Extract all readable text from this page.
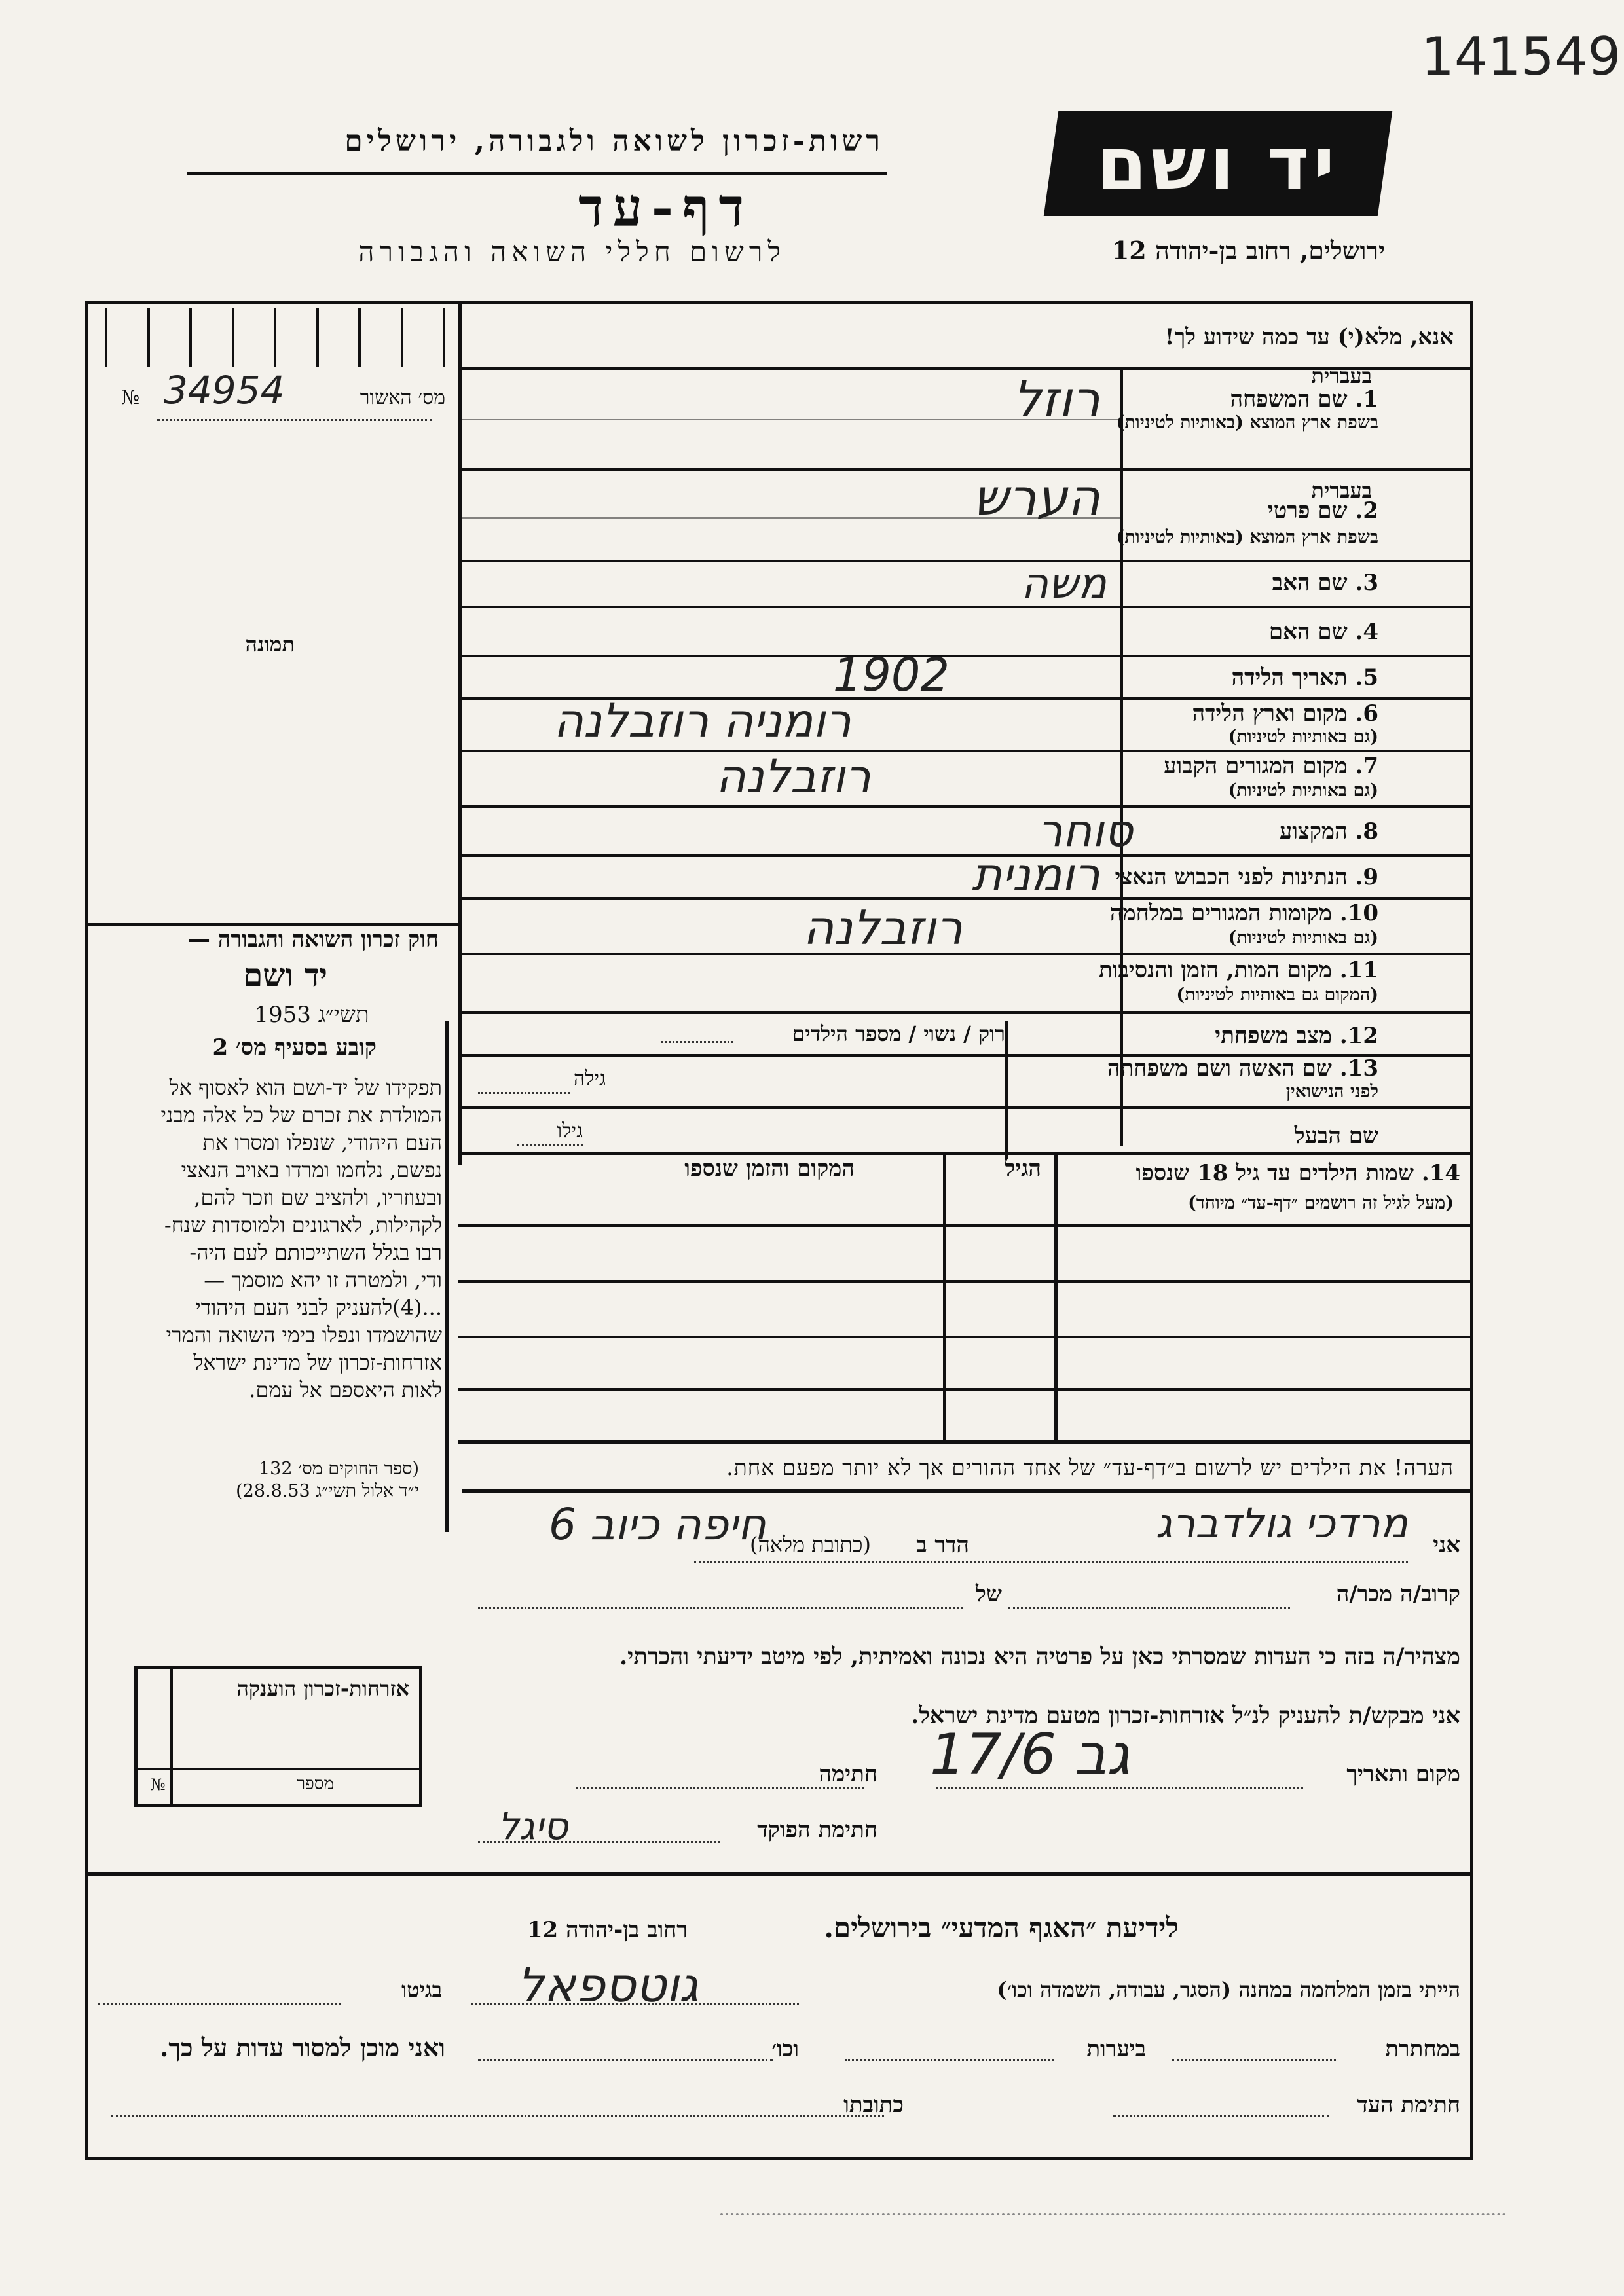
141549
רשות-זכרון לשואה ולגבורה, ירושלים
דף-עד
לרשום חללי השואה והגבורה
יד ושם
ירושלים, רחוב בן-יהודה 12
№ 34954	מס׳ האשור
תמונה
חוק זכרון השואה והגבורה —
יד ושם
תשי״ג 1953
קובע בסעיף מס׳ 2
תפקידו של יד-ושם הוא לאסוף אל
המולדת את זכרם של כל אלה מבני
העם היהודי, שנפלו ומסרו את
נפשם, נלחמו ומרדו באויב הנאצי
ובעוזריו, ולהציב שם וזכר להם,
לקהילות, לארגונים ולמוסדות שנח-
רבו בגלל השתייכותם לעם היה-
ודי, ולמטרה זו יהא מוסמך —
...(4)להעניק לבני העם היהודי
שהושמדו ונפלו בימי השואה והמרי
אזרחות-זכרון של מדינת ישראל
לאות היאספם אל עמם.
(ספר החוקים מס׳ 132
י״ד אלול תשי״ג 28.8.53)
אזרחות-זכרון הוענקה
מספר
№
אנא, מלא(י) עד כמה שידוע לך!
1. שם המשפחה
בשפת ארץ המוצא (באותיות לטיניות)
בעברית
2. שם פרטי
בשפת ארץ המוצא (באותיות לטיניות)
בעברית
3. שם האב
4. שם האם
5. תאריך הלידה
6. מקום וארץ הלידה
(גם באותיות לטיניות)
7. מקום המגורים הקבוע
(גם באותיות לטיניות)
8. המקצוע
9. הנתינות לפני הכבוש הנאצי
10. מקומות המגורים במלחמה
(גם באותיות לטיניות)
11. מקום המות, הזמן והנסיבות
(המקום גם באותיות לטיניות)
12. מצב משפחתי
13. שם האשה ושם משפחתה
לפני הנישואין
שם הבעל
רוק / נשוי / מספר הילדים
גילה
גילו
רוזל
הערש
משה
1902
רומניה רוזבלנה
רוזבלנה
סוחר
רומנית
רוזבלנה
14. שמות הילדים עד גיל 18 שנספו
(מעל לגיל זה רושמים ״דף-עד״ מיוחד)
הגיל
המקום והזמן שנספו
הערה! את הילדים יש לרשום ב״דף-עד״ של אחד ההורים אך לא יותר מפעם אחת.
אני
מרדכי גולדברג
הדר ב
(כתובת מלאה)
חיפה כיוב 6
קרוב/ה מכר/ה
של
מצהיר/ה בזה כי העדות שמסרתי כאן על פרטיה היא נכונה ואמיתית, לפי מיטב ידיעתי והכרתי.
אני מבקש/ת להעניק לנ״ל אזרחות-זכרון מטעם מדינת ישראל.
מקום ותאריך
17/6 גב
חתימה
חתימת הפוקד
סיגל
לידיעת ״האגף המדעי״ בירושלים.
רחוב בן-יהודה 12
הייתי בזמן המלחמה במחנה (הסגר, עבודה, השמדה וכו׳)
גוטספאל
בגיטו
במחתרת
ביערות
וכו׳
ואני מוכן למסור עדות על כך.
חתימת העד
כתובתו
